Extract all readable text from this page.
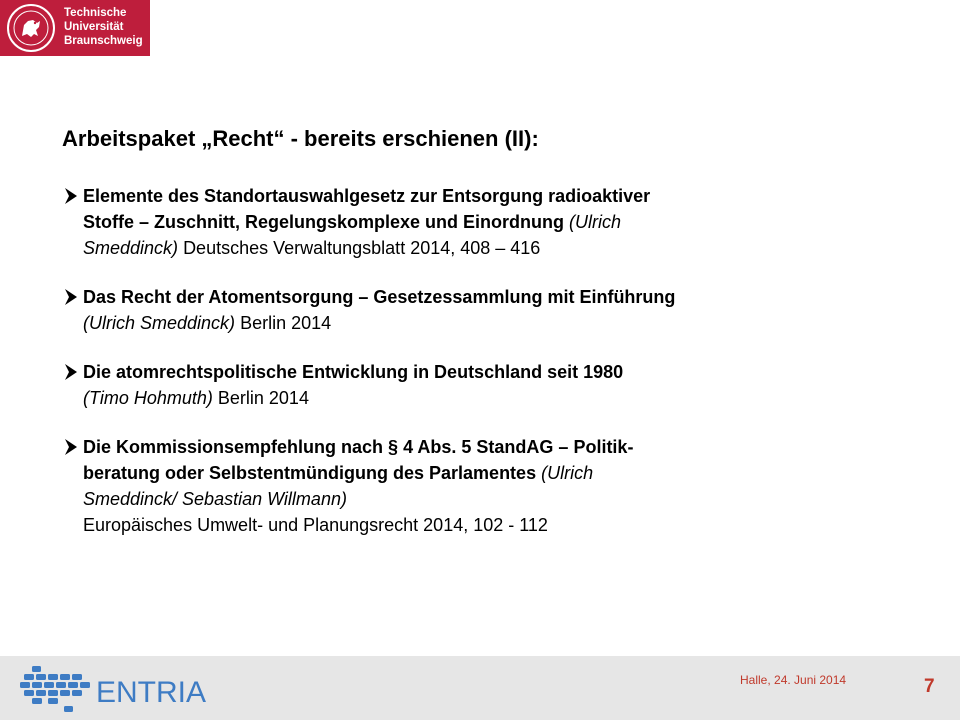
Technische
Universität
Braunschweig
Arbeitspaket „Recht“ - bereits erschienen (II):
Elemente des Standortauswahlgesetz zur Entsorgung radioaktiver
Stoffe – Zuschnitt, Regelungskomplexe und Einordnung (Ulrich
Smeddinck) Deutsches Verwaltungsblatt 2014, 408 – 416
Das Recht der Atomentsorgung – Gesetzessammlung mit Einführung
(Ulrich Smeddinck) Berlin 2014
Die atomrechtspolitische Entwicklung in Deutschland seit 1980
(Timo Hohmuth) Berlin 2014
Die Kommissionsempfehlung nach § 4 Abs. 5 StandAG – Politik-
beratung oder Selbstentmündigung des Parlamentes (Ulrich
Smeddinck/ Sebastian Willmann)
Europäisches Umwelt- und Planungsrecht 2014, 102 - 112
ENTRIA	Halle, 24. Juni 2014	7
